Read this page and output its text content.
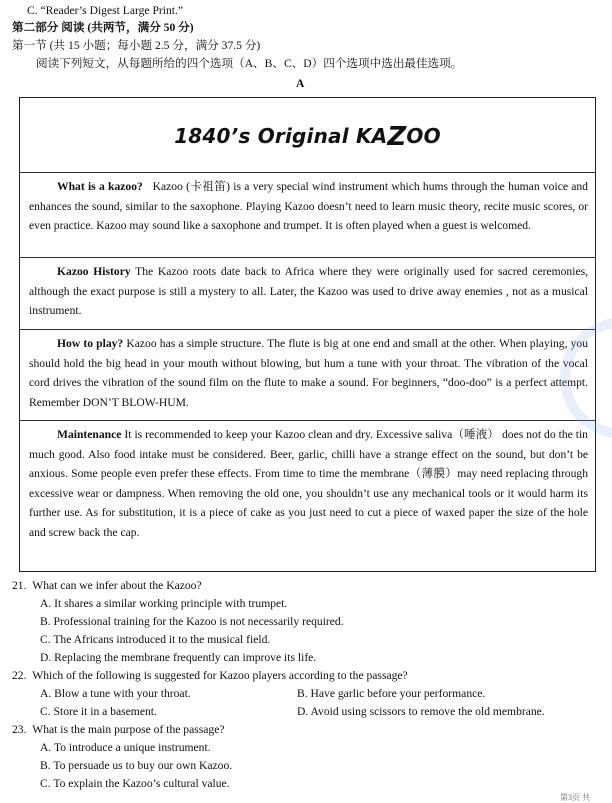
C. “Reader’s Digest Large Print.”
第二部分 阅读 (共两节，满分 50 分)
第一节 (共 15 小题；每小题 2.5 分，满分 37.5 分)
阅读下列短文，从每题所给的四个选项（A、B、C、D）四个选项中选出最佳选项。
A
1840’s Original KAZOO

What is a kazoo? Kazoo (卡祖笛) is a very special wind instrument which hums through the human voice and enhances the sound, similar to the saxophone. Playing Kazoo doesn’t need to learn music theory, recite music scores, or even practice. Kazoo may sound like a saxophone and trumpet. It is often played when a guest is welcomed.

Kazoo History The Kazoo roots date back to Africa where they were originally used for sacred ceremonies, although the exact purpose is still a mystery to all. Later, the Kazoo was used to drive away enemies , not as a musical instrument.

How to play? Kazoo has a simple structure. The flute is big at one end and small at the other. When playing, you should hold the big head in your mouth without blowing, but hum a tune with your throat. The vibration of the vocal cord drives the vibration of the sound film on the flute to make a sound. For beginners, “doo-doo” is a perfect attempt. Remember DON’T BLOW-HUM.

Maintenance It is recommended to keep your Kazoo clean and dry. Excessive saliva（唾液） does not do the tin much good. Also food intake must be considered. Beer, garlic, chilli have a strange effect on the sound, but don’t be anxious. Some people even prefer these effects. From time to time the membrane（薄膜）may need replacing through excessive wear or dampness. When removing the old one, you shouldn’t use any mechanical tools or it would harm its further use. As for substitution, it is a piece of cake as you just need to cut a piece of waxed paper the size of the hole and screw back the cap.

21. What can we infer about the Kazoo?
A. It shares a similar working principle with trumpet.
B. Professional training for the Kazoo is not necessarily required.
C. The Africans introduced it to the musical field.
D. Replacing the membrane frequently can improve its life.
22. Which of the following is suggested for Kazoo players according to the passage?
A. Blow a tune with your throat.	B. Have garlic before your performance.
C. Store it in a basement.	D. Avoid using scissors to remove the old membrane.
23. What is the main purpose of the passage?
A. To introduce a unique instrument.
B. To persuade us to buy our own Kazoo.
C. To explain the Kazoo’s cultural value.
第3页 共
